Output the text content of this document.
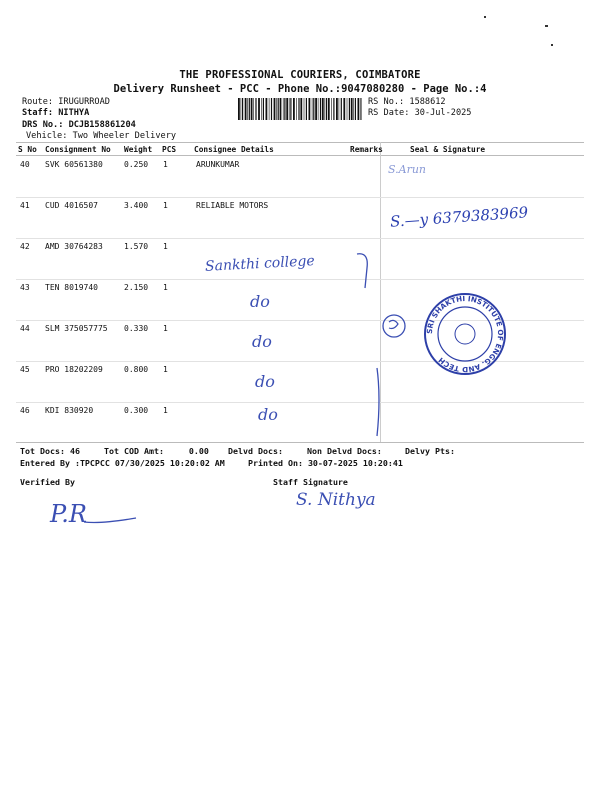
THE PROFESSIONAL COURIERS, COIMBATORE
Delivery Runsheet - PCC - Phone No.:9047080280 - Page No.:4
Route: IRUGURROAD
Staff: NITHYA
DRS No.: DCJB158861204
Vehicle: Two Wheeler Delivery
RS No.: 1588612
RS Date: 30-Jul-2025
S No Consignment No Weight PCS Consignee Details	Remarks	Seal & Signature
40 SVK 60561380	0.250 1	ARUNKUMAR
41 CUD 4016507	3.400 1	RELIABLE MOTORS
42 AMD 30764283	1.570 1
43 TEN 8019740	2.150 1
44 SLM 375057775 0.330 1
45 PRO 18202209	0.800 1
46 KDI 830920	0.300 1
Sankthi college
do
do
do
do
S.Arun
S.—y 6379383969
SRI SHAKTHI INSTITUTE OF ENGG. AND TECH
Tot Docs: 46	Tot COD Amt:     0.00 Delvd Docs:	Non Delvd Docs:	Delvy Pts:
Entered By :TPCPCC 07/30/2025 10:20:02 AM	Printed On: 30-07-2025 10:20:41
Verified By	Staff Signature
P.R	S. Nithya
